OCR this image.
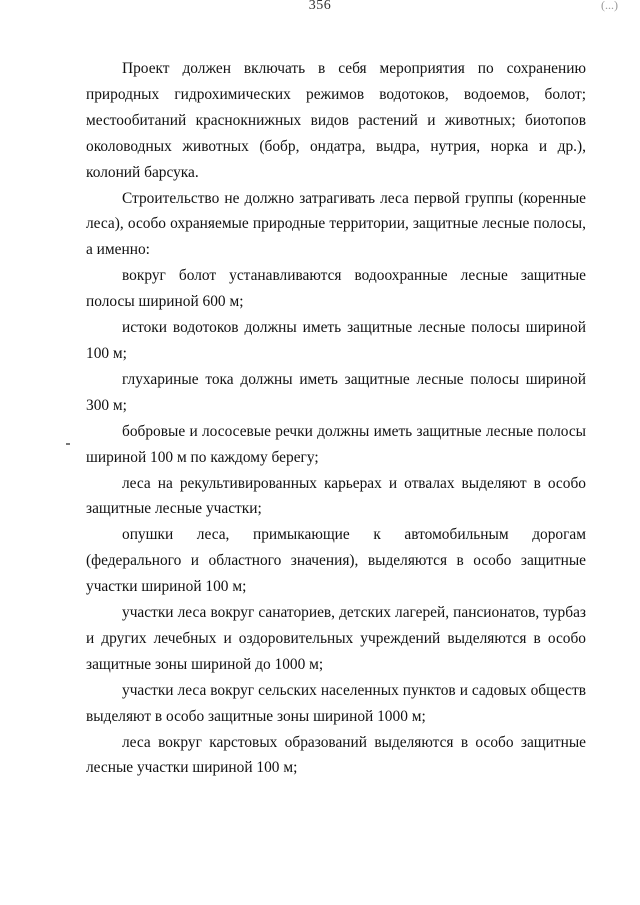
356	(...)

Проект должен включать в себя мероприятия по сохранению природных гидрохимических режимов водотоков, водоемов, болот; местообитаний краснокнижных видов растений и животных; биотопов околоводных животных (бобр, ондатра, выдра, нутрия, норка и др.), колоний барсука.

Строительство не должно затрагивать леса первой группы (коренные леса), особо охраняемые природные территории, защитные лесные полосы, а именно:

вокруг болот устанавливаются водоохранные лесные защитные полосы шириной 600 м;

истоки водотоков должны иметь защитные лесные полосы шириной 100 м;

глухариные тока должны иметь защитные лесные полосы шириной 300 м;

бобровые и лососевые речки должны иметь защитные лесные полосы шириной 100 м по каждому берегу;

леса на рекультивированных карьерах и отвалах выделяют в особо защитные лесные участки;

опушки леса, примыкающие к автомобильным дорогам (федерального и областного значения), выделяются в особо защитные участки шириной 100 м;

участки леса вокруг санаториев, детских лагерей, пансионатов, турбаз и других лечебных и оздоровительных учреждений выделяются в особо защитные зоны шириной до 1000 м;

участки леса вокруг сельских населенных пунктов и садовых обществ выделяют в особо защитные зоны шириной 1000 м;

леса вокруг карстовых образований выделяются в особо защитные лесные участки шириной 100 м;
